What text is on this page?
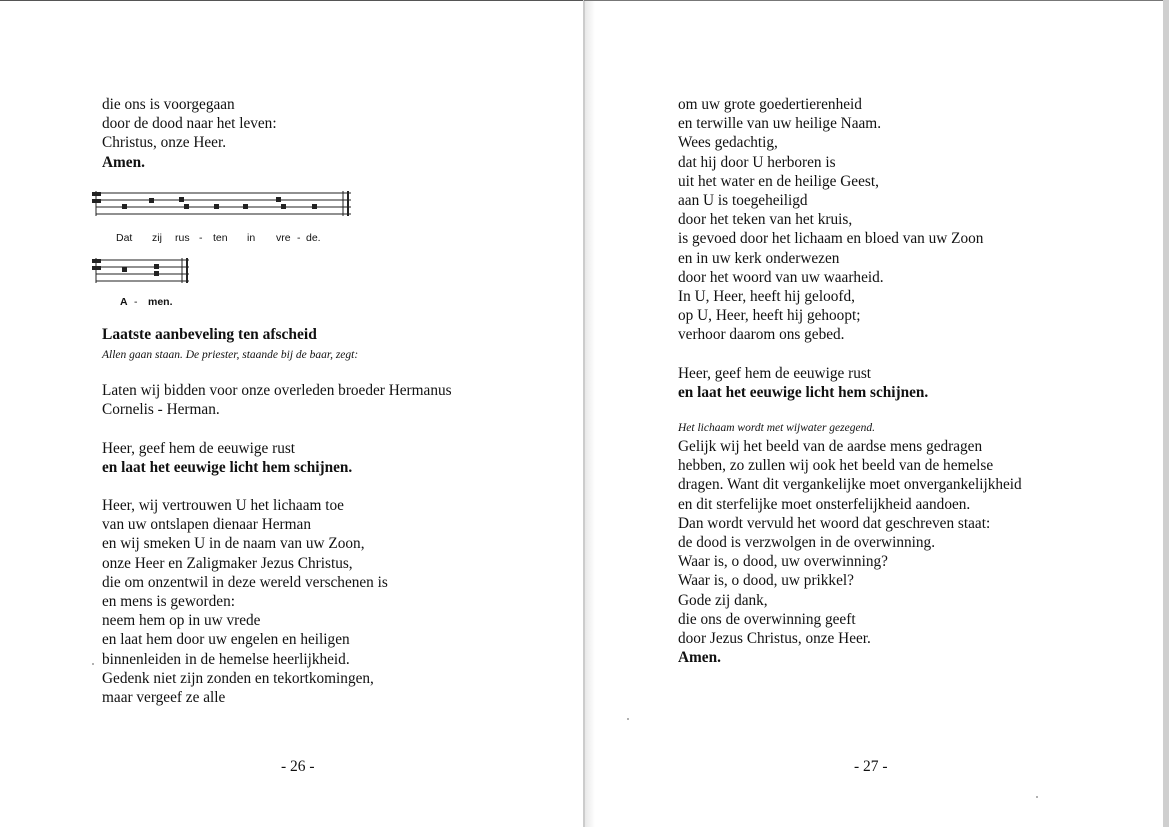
die ons is voorgegaan
door de dood naar het leven:
Christus, onze Heer.
Amen.
Dat zij rus - ten in vre - de.
A - men.
Laatste aanbeveling ten afscheid
Allen gaan staan. De priester, staande bij de baar, zegt:
Laten wij bidden voor onze overleden broeder Hermanus
Cornelis - Herman.
Heer, geef hem de eeuwige rust
en laat het eeuwige licht hem schijnen.
Heer, wij vertrouwen U het lichaam toe
van uw ontslapen dienaar Herman
en wij smeken U in de naam van uw Zoon,
onze Heer en Zaligmaker Jezus Christus,
die om onzentwil in deze wereld verschenen is
en mens is geworden:
neem hem op in uw vrede
en laat hem door uw engelen en heiligen
binnenleiden in de hemelse heerlijkheid.
Gedenk niet zijn zonden en tekortkomingen,
maar vergeef ze alle
- 26 -
om uw grote goedertierenheid
en terwille van uw heilige Naam.
Wees gedachtig,
dat hij door U herboren is
uit het water en de heilige Geest,
aan U is toegeheiligd
door het teken van het kruis,
is gevoed door het lichaam en bloed van uw Zoon
en in uw kerk onderwezen
door het woord van uw waarheid.
In U, Heer, heeft hij geloofd,
op U, Heer, heeft hij gehoopt;
verhoor daarom ons gebed.
Heer, geef hem de eeuwige rust
en laat het eeuwige licht hem schijnen.
Het lichaam wordt met wijwater gezegend.
Gelijk wij het beeld van de aardse mens gedragen
hebben, zo zullen wij ook het beeld van de hemelse
dragen. Want dit vergankelijke moet onvergankelijkheid
en dit sterfelijke moet onsterfelijkheid aandoen.
Dan wordt vervuld het woord dat geschreven staat:
de dood is verzwolgen in de overwinning.
Waar is, o dood, uw overwinning?
Waar is, o dood, uw prikkel?
Gode zij dank,
die ons de overwinning geeft
door Jezus Christus, onze Heer.
Amen.
- 27 -
